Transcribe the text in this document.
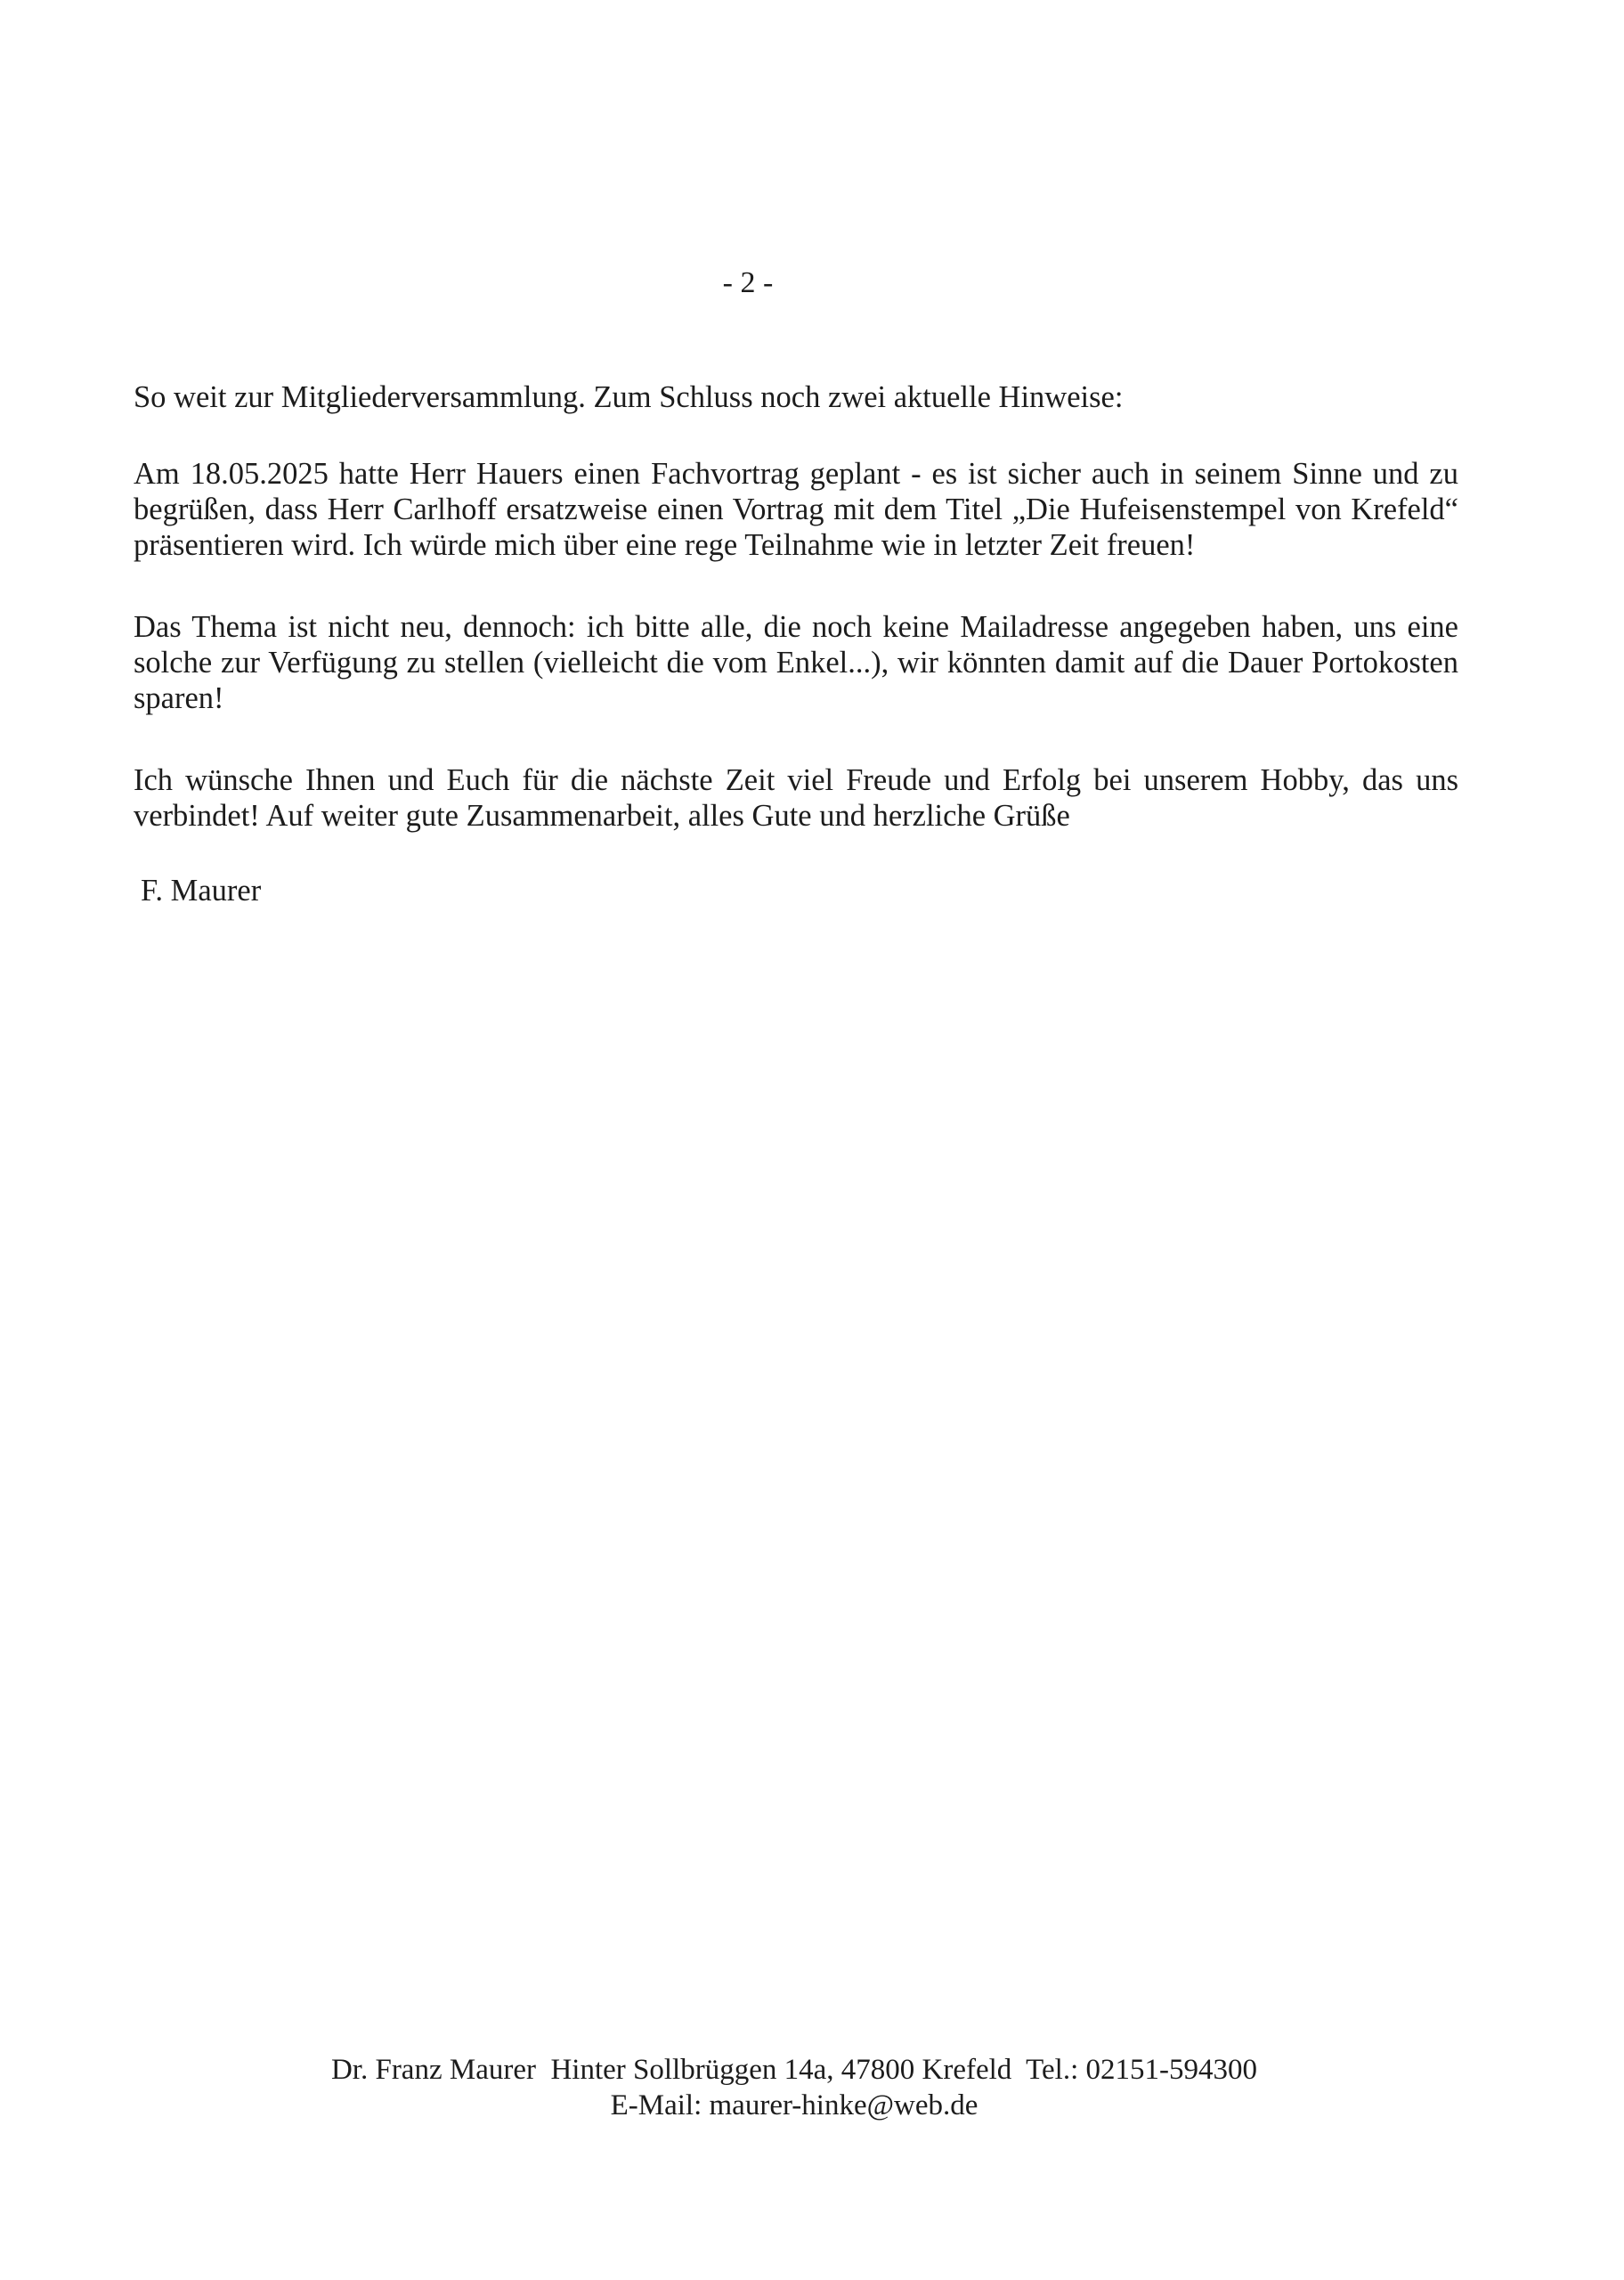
- 2 -

So weit zur Mitgliederversammlung. Zum Schluss noch zwei aktuelle Hinweise:

Am 18.05.2025 hatte Herr Hauers einen Fachvortrag geplant - es ist sicher auch in seinem Sinne und zu begrüßen, dass Herr Carlhoff ersatzweise einen Vortrag mit dem Titel „Die Hufeisenstempel von Krefeld“ präsentieren wird. Ich würde mich über eine rege Teilnahme wie in letzter Zeit freuen!

Das Thema ist nicht neu, dennoch: ich bitte alle, die noch keine Mailadresse angegeben haben, uns eine solche zur Verfügung zu stellen (vielleicht die vom Enkel...), wir könnten damit auf die Dauer Portokosten sparen!

Ich wünsche Ihnen und Euch für die nächste Zeit viel Freude und Erfolg bei unserem Hobby, das uns verbindet! Auf weiter gute Zusammenarbeit, alles Gute und herzliche Grüße

F. Maurer
Dr. Franz Maurer  Hinter Sollbrüggen 14a, 47800 Krefeld  Tel.: 02151-594300
E-Mail: maurer-hinke@web.de
